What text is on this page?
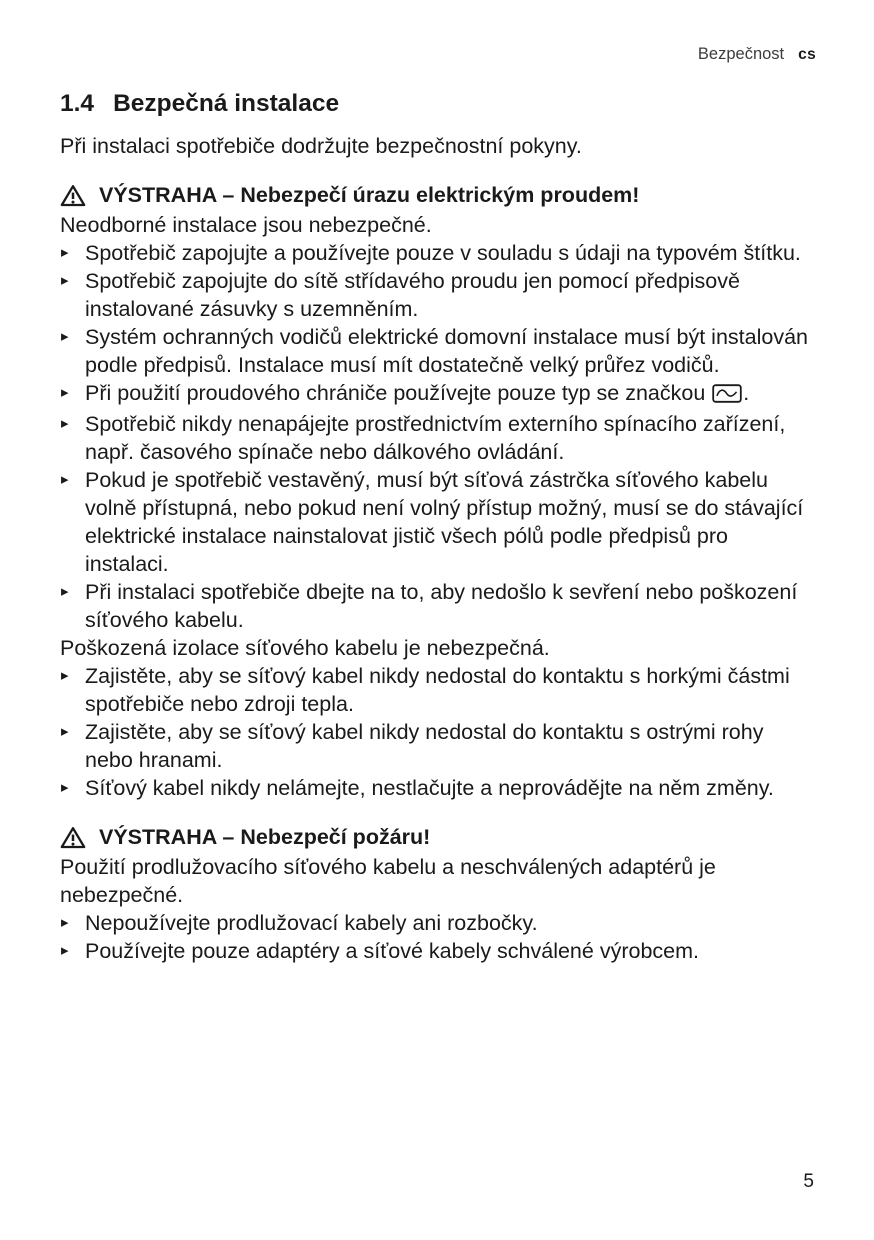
Bezpečnost cs
1.4 Bezpečná instalace
Při instalaci spotřebiče dodržujte bezpečnostní pokyny.
VÝSTRAHA – Nebezpečí úrazu elektrickým proudem!
Neodborné instalace jsou nebezpečné.
▸ Spotřebič zapojujte a používejte pouze v souladu s údaji na typovém štítku.
▸ Spotřebič zapojujte do sítě střídavého proudu jen pomocí předpisově instalované zásuvky s uzemněním.
▸ Systém ochranných vodičů elektrické domovní instalace musí být instalován podle předpisů. Instalace musí mít dostatečně velký průřez vodičů.
▸ Při použití proudového chrániče používejte pouze typ se značkou .
▸ Spotřebič nikdy nenapájejte prostřednictvím externího spínacího zařízení, např. časového spínače nebo dálkového ovládání.
▸ Pokud je spotřebič vestavěný, musí být síťová zástrčka síťového kabelu volně přístupná, nebo pokud není volný přístup možný, musí se do stávající elektrické instalace nainstalovat jistič všech pólů podle předpisů pro instalaci.
▸ Při instalaci spotřebiče dbejte na to, aby nedošlo k sevření nebo poškození síťového kabelu.
Poškozená izolace síťového kabelu je nebezpečná.
▸ Zajistěte, aby se síťový kabel nikdy nedostal do kontaktu s horkými částmi spotřebiče nebo zdroji tepla.
▸ Zajistěte, aby se síťový kabel nikdy nedostal do kontaktu s ostrými rohy nebo hranami.
▸ Síťový kabel nikdy nelámejte, nestlačujte a neprovádějte na něm změny.
VÝSTRAHA – Nebezpečí požáru!
Použití prodlužovacího síťového kabelu a neschválených adaptérů je nebezpečné.
▸ Nepoužívejte prodlužovací kabely ani rozbočky.
▸ Používejte pouze adaptéry a síťové kabely schválené výrobcem.
5
